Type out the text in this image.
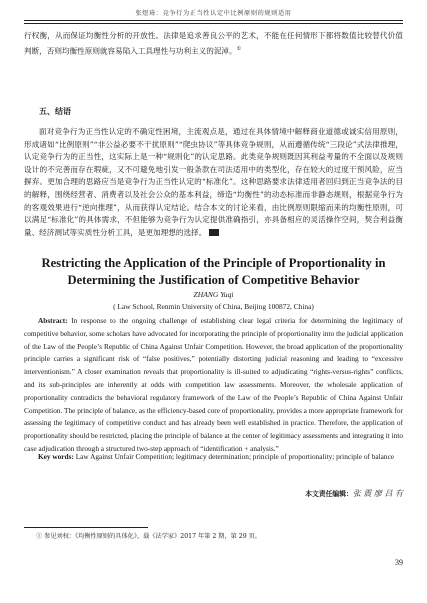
张煜琦：竞争行为正当性认定中比例原则的规则适用

行权衡，从而保证均衡性分析的开放性。法律是追求善良公平的艺术，不能在任何情形下都将数值比较替代价值判断，否则均衡性原则就容易陷入工具理性与功利主义的泥淖。①

五、结语

面对竞争行为正当性认定的不确定性困境，主流观点是，通过在具体情境中解释商业道德或诚实信用原则，形成诸如“比例原则”“非公益必要不干扰原则”“爬虫协议”等具体竞争规则，从而遵循传统“三段论”式法律推理，认定竞争行为的正当性，这实际上是一种“规则化”的认定思路。此类竞争规则既因其利益考量的不全面以及规则设计的不完善而存在瑕疵，又不可避免地引发一般条款在司法适用中的类型化，存在较大的过度干预风险，应当摒弃。更加合理的思路应当是竞争行为正当性认定的“标准化”。这种思路要求法律适用者回归到正当竞争法的目的解释，围绕经营者、消费者以及社会公众的基本利益，缔造“均衡性”的动态标准而非静态规则，根据竞争行为的客观效果进行“逆向推理”，从而获得认定结论。结合本文的讨论来看，由比例原则限缩而来的均衡性原则，可以满足“标准化”的具体需求，不但能够为竞争行为认定提供准确指引，亦具备相应的灵活操作空间，契合利益衡量、经济测试等实质性分析工具，是更加理想的选择。	25

Restricting the Application of the Principle of Proportionality in Determining the Justification of Competitive Behavior
ZHANG Yuqi
( Law School, Renmin University of China, Beijing 100872, China)

Abstract: In response to the ongoing challenge of establishing clear legal criteria for determining the legitimacy of competitive behavior, some scholars have advocated for incorporating the principle of proportionality into the judicial application of the Law of the People’s Republic of China Against Unfair Competition. However, the broad application of the proportionality principle carries a significant risk of “false positives,” potentially distorting judicial reasoning and leading to “excessive interventionism.” A closer examination reveals that proportionality is ill-suited to adjudicating “rights-versus-rights” conflicts, and its sub-principles are inherently at odds with competition law assessments. Moreover, the wholesale application of proportionality contradicts the behavioral regulatory framework of the Law of the People’s Republic of China Against Unfair Competition. The principle of balance, as the efficiency-based core of proportionality, provides a more appropriate framework for assessing the legitimacy of competitive conduct and has already been well established in practice. Therefore, the application of proportionality should be restricted, placing the principle of balance at the center of legitimacy assessments and integrating it into case adjudication through a structured two-step approach of “identification + analysis.”

Key words: Law Against Unfair Competition; legitimacy determination; principle of proportionality; principle of balance

本文责任编辑：张 震 廖 吕 有
① 参见刘权：《均衡性原则的具体化》，载《法学家》2017 年第 2 期，第 29 页。
39
